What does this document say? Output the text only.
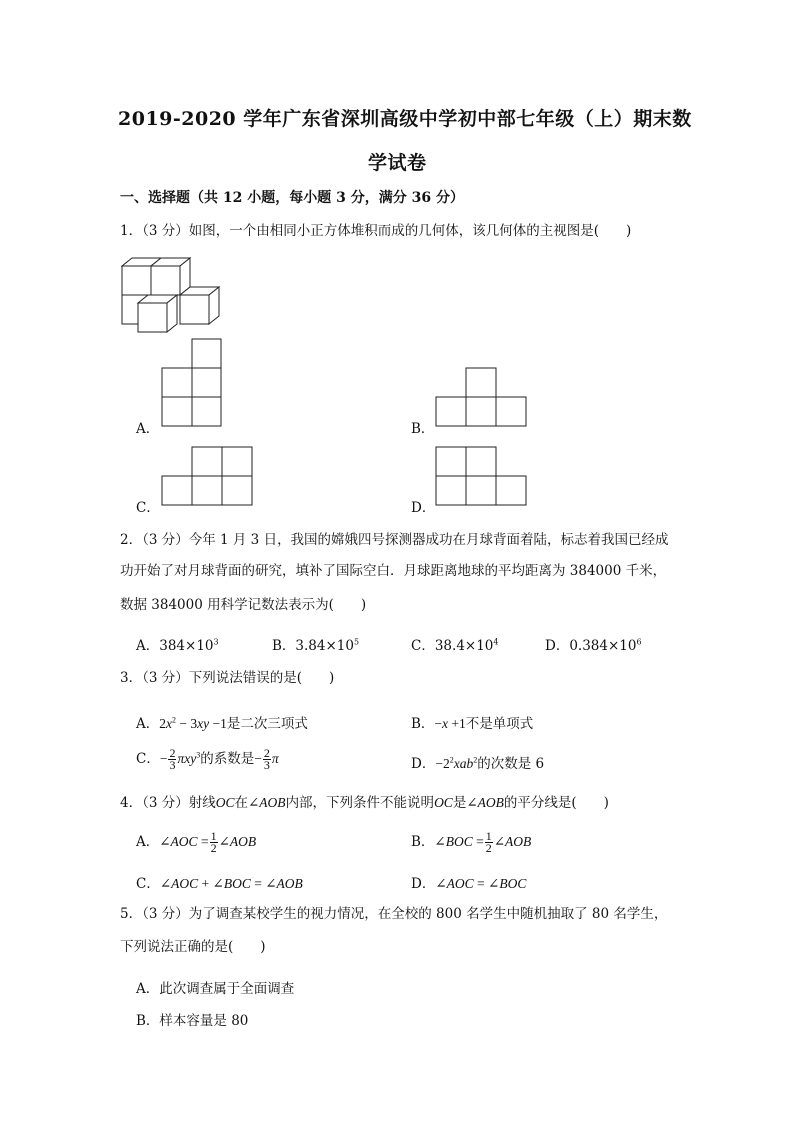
2019-2020 学年广东省深圳高级中学初中部七年级（上）期末数
学试卷
一、选择题（共 12 小题，每小题 3 分，满分 36 分）
1．（3 分）如图，一个由相同小正方体堆积而成的几何体，该几何体的主视图是(　　)
A．	B．
C．	D．
2．（3 分）今年 1 月 3 日，我国的嫦娥四号探测器成功在月球背面着陆，标志着我国已经成
功开始了对月球背面的研究，填补了国际空白．月球距离地球的平均距离为 384000 千米，
数据 384000 用科学记数法表示为(　　)
A．$384\times 10^3$	B．$3.84\times 10^5$	C．$38.4\times 10^4$	D．$0.384\times 10^6$
3．（3 分）下列说法错误的是(　　)
A．$2x^2 - 3xy -1$是二次三项式	B．−x +1不是单项式
C．− $\frac{2}{3} \pi xy^3$的系数是− $\frac{2}{3}$ π	D．$-2^2xab^2$的次数是 6
4．（3 分）射线OC在∠AOB内部，下列条件不能说明OC是∠AOB的平分线是(　　)
A．∠AOC = $\frac{1}{2}$ ∠AOB	B．∠BOC = $\frac{1}{2}$ ∠AOB
C．∠AOC + ∠BOC = ∠AOB	D．∠AOC = ∠BOC
5．（3 分）为了调查某校学生的视力情况，在全校的 800 名学生中随机抽取了 80 名学生，
下列说法正确的是(　　)
A．此次调查属于全面调查
B．样本容量是 80
